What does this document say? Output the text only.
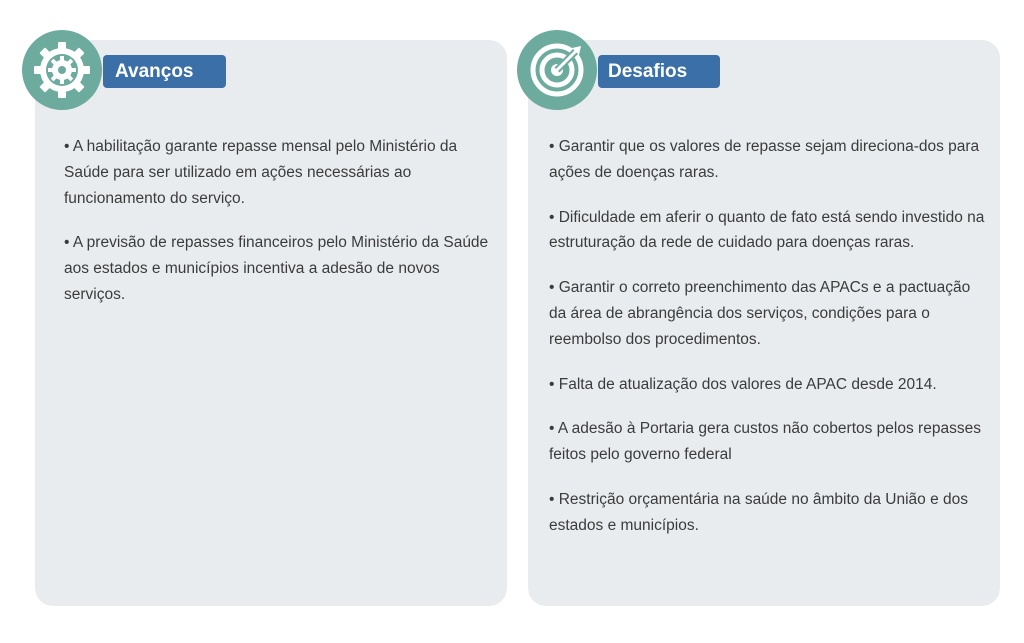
Avanços

• A habilitação garante repasse mensal pelo Ministério da Saúde para ser utilizado em ações necessárias ao funcionamento do serviço.

• A previsão de repasses financeiros pelo Ministério da Saúde aos estados e municípios incentiva a adesão de novos serviços.

Desafios

• Garantir que os valores de repasse sejam direciona-dos para ações de doenças raras.

• Dificuldade em aferir o quanto de fato está sendo investido na estruturação da rede de cuidado para doenças raras.

• Garantir o correto preenchimento das APACs e a pactuação da área de abrangência dos serviços, condições para o reembolso dos procedimentos.

• Falta de atualização dos valores de APAC desde 2014.

• A adesão à Portaria gera custos não cobertos pelos repasses feitos pelo governo federal

• Restrição orçamentária na saúde no âmbito da União e dos estados e municípios.
